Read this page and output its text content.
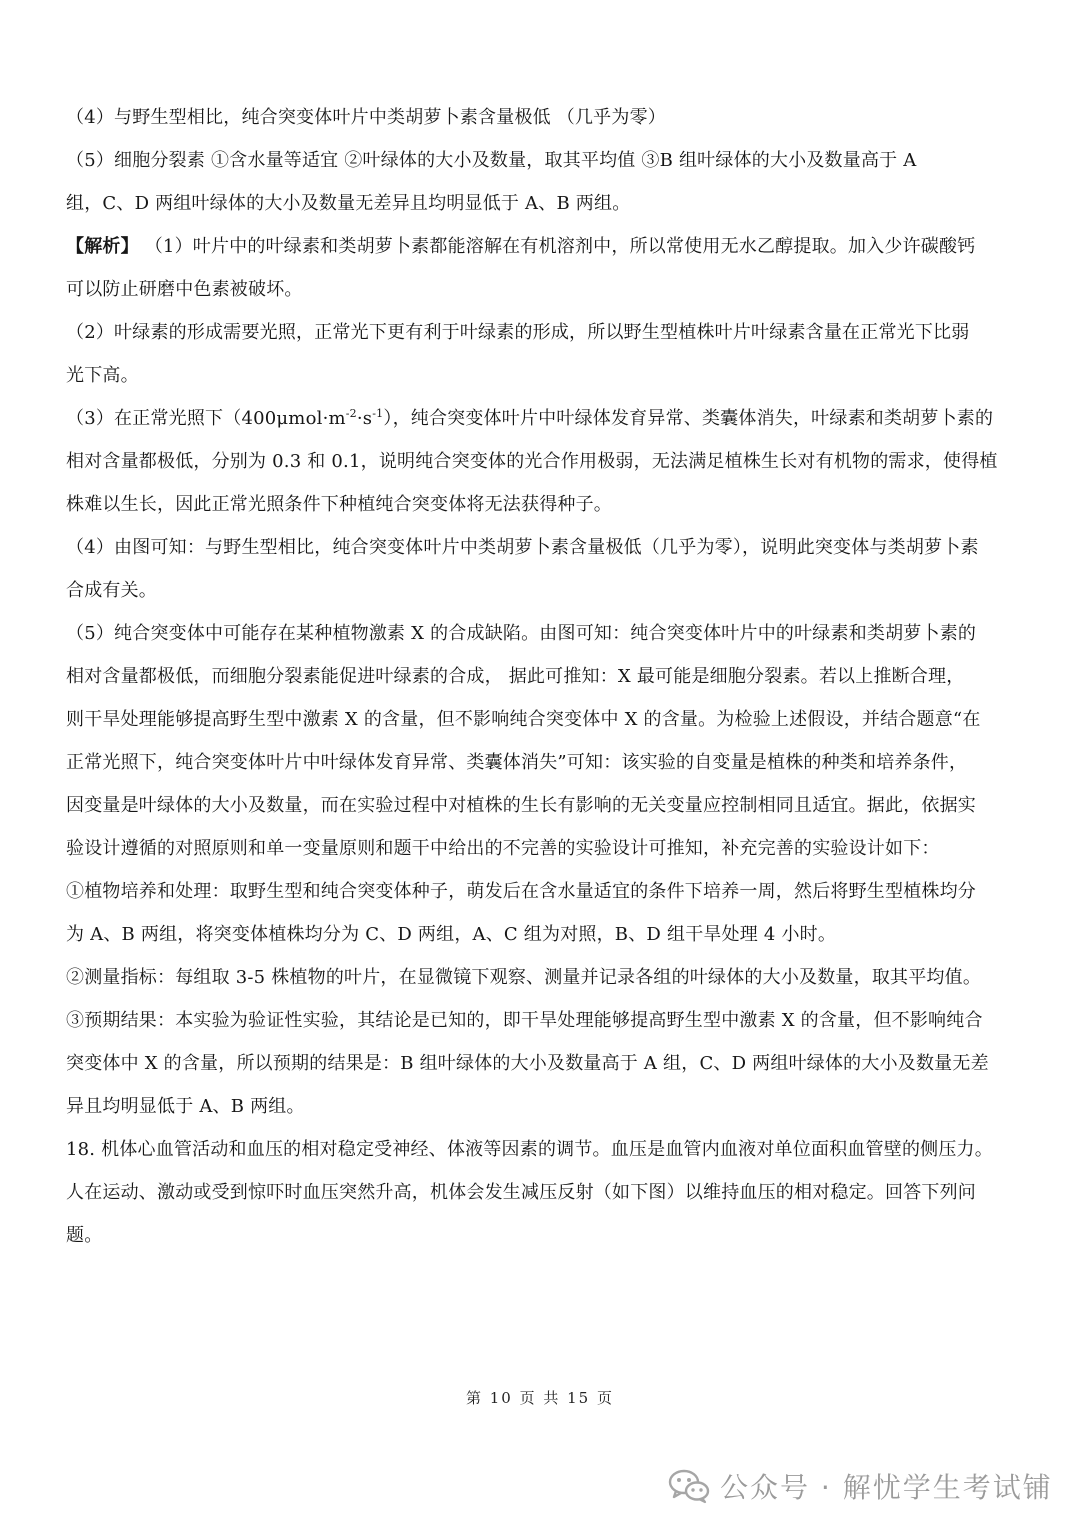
（4）与野生型相比，纯合突变体叶片中类胡萝卜素含量极低 （几乎为零）
（5）细胞分裂素 ①含水量等适宜 ②叶绿体的大小及数量，取其平均值 ③B 组叶绿体的大小及数量高于 A
组，C、D 两组叶绿体的大小及数量无差异且均明显低于 A、B 两组。
【解析】 （1）叶片中的叶绿素和类胡萝卜素都能溶解在有机溶剂中，所以常使用无水乙醇提取。加入少许碳酸钙
可以防止研磨中色素被破坏。
（2）叶绿素的形成需要光照，正常光下更有利于叶绿素的形成，所以野生型植株叶片叶绿素含量在正常光下比弱
光下高。
（3）在正常光照下$(400\mu mol\cdot m^{-2}\cdot s^{-1})$，纯合突变体叶片中叶绿体发育异常、类囊体消失，叶绿素和类胡萝卜素的
相对含量都极低，分别为 0.3 和 0.1，说明纯合突变体的光合作用极弱，无法满足植株生长对有机物的需求，使得植
株难以生长，因此正常光照条件下种植纯合突变体将无法获得种子。
（4）由图可知：与野生型相比，纯合突变体叶片中类胡萝卜素含量极低（几乎为零），说明此突变体与类胡萝卜素
合成有关。
（5）纯合突变体中可能存在某种植物激素 X 的合成缺陷。由图可知：纯合突变体叶片中的叶绿素和类胡萝卜素的
相对含量都极低，而细胞分裂素能促进叶绿素的合成， 据此可推知：X 最可能是细胞分裂素。若以上推断合理，
则干旱处理能够提高野生型中激素 X 的含量，但不影响纯合突变体中 X 的含量。为检验上述假设，并结合题意“在
正常光照下，纯合突变体叶片中叶绿体发育异常、类囊体消失”可知：该实验的自变量是植株的种类和培养条件，
因变量是叶绿体的大小及数量，而在实验过程中对植株的生长有影响的无关变量应控制相同且适宜。据此，依据实
验设计遵循的对照原则和单一变量原则和题干中给出的不完善的实验设计可推知，补充完善的实验设计如下：
①植物培养和处理：取野生型和纯合突变体种子，萌发后在含水量适宜的条件下培养一周，然后将野生型植株均分
为 A、B 两组，将突变体植株均分为 C、D 两组，A、C 组为对照，B、D 组干旱处理 4 小时。
②测量指标：每组取 3-5 株植物的叶片，在显微镜下观察、测量并记录各组的叶绿体的大小及数量，取其平均值。
③预期结果：本实验为验证性实验，其结论是已知的，即干旱处理能够提高野生型中激素 X 的含量，但不影响纯合
突变体中 X 的含量，所以预期的结果是：B 组叶绿体的大小及数量高于 A 组，C、D 两组叶绿体的大小及数量无差
异且均明显低于 A、B 两组。
18. 机体心血管活动和血压的相对稳定受神经、体液等因素的调节。血压是血管内血液对单位面积血管壁的侧压力。
人在运动、激动或受到惊吓时血压突然升高，机体会发生减压反射（如下图）以维持血压的相对稳定。回答下列问
题。
第 10 页 共 15 页
公众号 · 解忧学生考试铺
